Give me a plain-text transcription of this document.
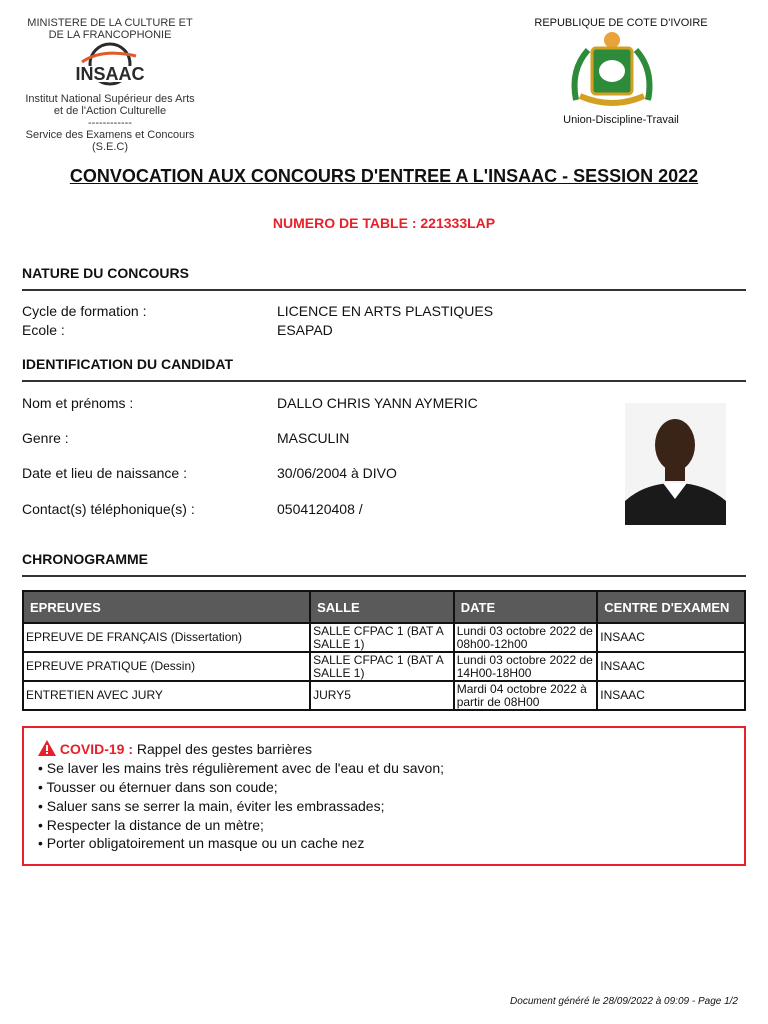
MINISTERE DE LA CULTURE ET
DE LA FRANCOPHONIE
INSAAC
Institut National Supérieur des Arts
et de l'Action Culturelle
------------
Service des Examens et Concours
(S.E.C)
REPUBLIQUE DE COTE D'IVOIRE
Union-Discipline-Travail
CONVOCATION AUX CONCOURS D'ENTREE A L'INSAAC - SESSION 2022
NUMERO DE TABLE : 221333LAP
NATURE DU CONCOURS
Cycle de formation :	LICENCE EN ARTS PLASTIQUES
Ecole :	ESAPAD
IDENTIFICATION DU CANDIDAT
Nom et prénoms :	DALLO CHRIS YANN AYMERIC
Genre :	MASCULIN
Date et lieu de naissance :	30/06/2004 à DIVO
Contact(s) téléphonique(s) :	0504120408 /
CHRONOGRAMME
EPREUVES	SALLE	DATE	CENTRE D'EXAMEN
EPREUVE DE FRANÇAIS (Dissertation)	SALLE CFPAC 1 (BAT A SALLE 1)	Lundi 03 octobre 2022 de 08h00-12h00	INSAAC
EPREUVE PRATIQUE (Dessin)	SALLE CFPAC 1 (BAT A SALLE 1)	Lundi 03 octobre 2022 de 14H00-18H00	INSAAC
ENTRETIEN AVEC JURY	JURY5	Mardi 04 octobre 2022 à partir de 08H00	INSAAC
COVID-19 : Rappel des gestes barrières
• Se laver les mains très régulièrement avec de l'eau et du savon;
• Tousser ou éternuer dans son coude;
• Saluer sans se serrer la main, éviter les embrassades;
• Respecter la distance de un mètre;
• Porter obligatoirement un masque ou un cache nez
Document généré le 28/09/2022 à 09:09 - Page 1/2
